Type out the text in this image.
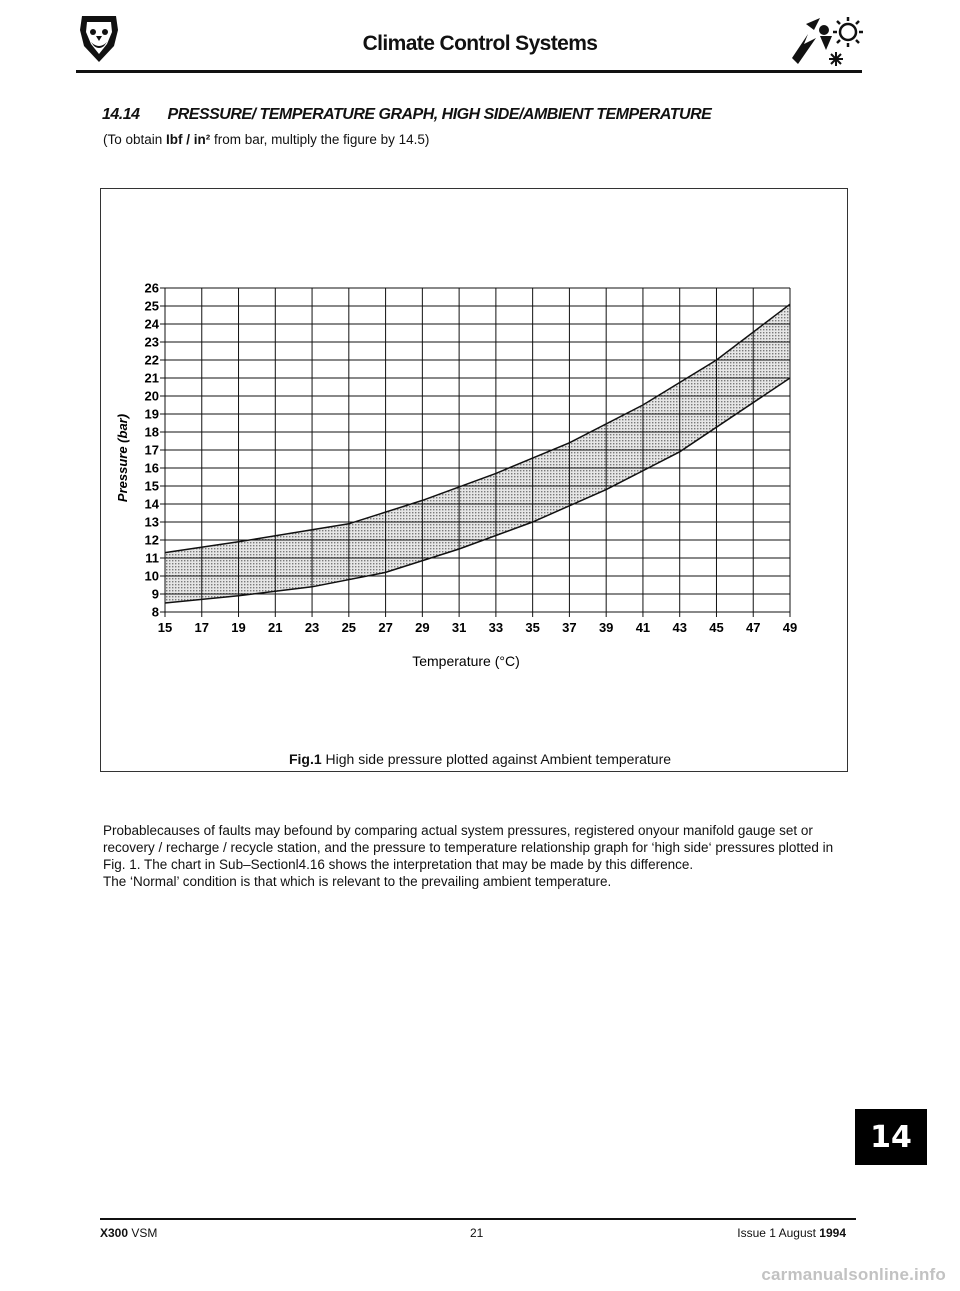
Climate Control Systems
14.14 PRESSURE/ TEMPERATURE GRAPH, HIGH SIDE/AMBIENT TEMPERATURE
(To obtain Ibf / in² from bar, multiply the figure by 14.5)
8
9
10
11
12
13
14
15
16
17
18
19
20
21
22
23
24
25
26
15 17 19 21 23 25 27 29 31 33 35 37 39 41 43 45 47 49
Pressure (bar)
Temperature (°C)
Fig.1 High side pressure plotted against Ambient temperature

Probablecauses of faults may befound by comparing actual system pressures, registered onyour manifold gauge set or recovery / recharge / recycle station, and the pressure to temperature relationship graph for ‘high side‘ pressures plotted in Fig. 1. The chart in Sub–Sectionl4.16 shows the interpretation that may be made by this difference.

The ‘Normal’ condition is that which is relevant to the prevailing ambient temperature.

14
X300 VSM	21	Issue 1 August 1994
carmanualsonline.info
